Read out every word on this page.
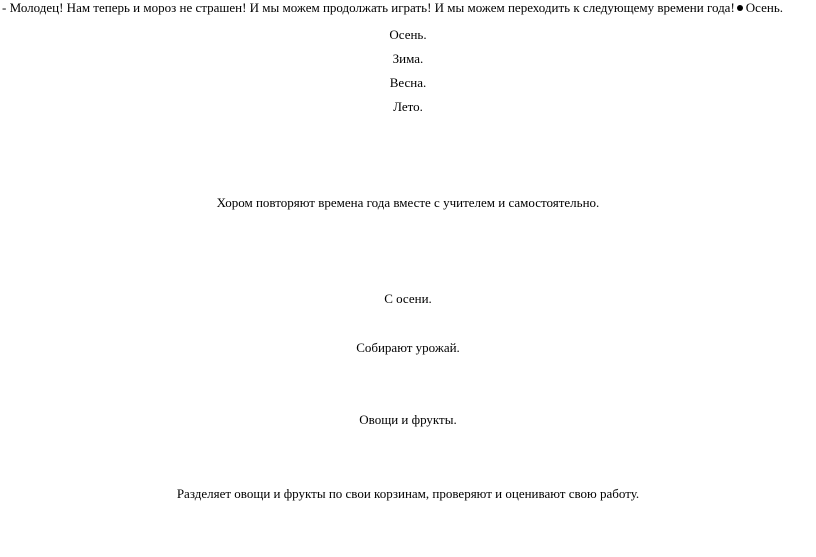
- Молодец! Нам теперь и мороз не страшен! И мы можем продолжать играть! И мы можем переходить к следующему времени года! Осень.
Осень.
Зима.
Весна.
Лето.
Хором повторяют времена года вместе с учителем и самостоятельно.
С осени.
Собирают урожай.
Овощи и фрукты.
Разделяет овощи и фрукты по свои корзинам, проверяют и оценивают свою работу.
